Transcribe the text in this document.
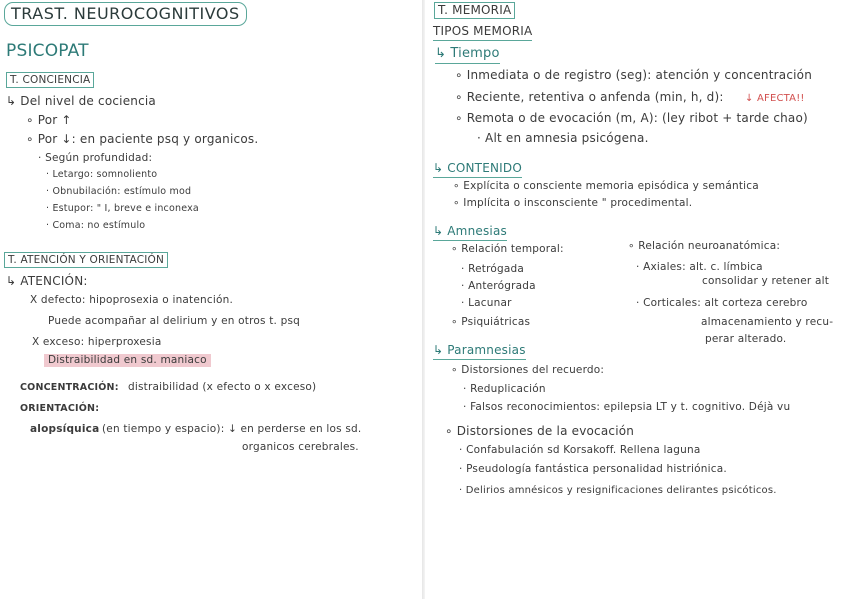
TRAST. NEUROCOGNITIVOS
PSICOPAT
T. CONCIENCIA
↳ Del nivel de cociencia
∘ Por ↑
∘ Por ↓: en paciente psq y organicos.
· Según profundidad:
· Letargo: somnoliento
· Obnubilación: estímulo mod
· Estupor: " I, breve e inconexa
· Coma: no estímulo
T. ATENCIÓN Y ORIENTACIÓN
↳ ATENCIÓN:
X defecto: hipoprosexia o inatención.
Puede acompañar al delirium y en otros t. psq
X exceso: hiperproxesia
Distraibilidad en sd. maniaco
CONCENTRACIÓN: distraibilidad (x efecto o x exceso)
ORIENTACIÓN:
alopsíquica (en tiempo y espacio): ↓ en perderse en los sd.
organicos cerebrales.
T. MEMORIA
TIPOS MEMORIA
↳ Tiempo
∘ Inmediata o de registro (seg): atención y concentración
∘ Reciente, retentiva o anfenda (min, h, d): ↓ AFECTA!!
∘ Remota o de evocación (m, A): (ley ribot + tarde chao)
· Alt en amnesia psicógena.
↳ CONTENIDO
∘ Explícita o consciente memoria episódica y semántica
∘ Implícita o insconsciente " procedimental.
↳ Amnesias
∘ Relación temporal:
· Retrógada
· Anterógrada
· Lacunar
∘ Psiquiátricas
∘ Relación neuroanatómica:
· Axiales: alt. c. límbica
consolidar y retener alt
· Corticales: alt corteza cerebro
almacenamiento y recu-
perar alterado.
↳ Paramnesias
∘ Distorsiones del recuerdo:
· Reduplicación
· Falsos reconocimientos: epilepsia LT y t. cognitivo. Déjà vu
∘ Distorsiones de la evocación
· Confabulación sd Korsakoff. Rellena laguna
· Pseudología fantástica personalidad histriónica.
· Delirios amnésicos y resignificaciones delirantes psicóticos.
